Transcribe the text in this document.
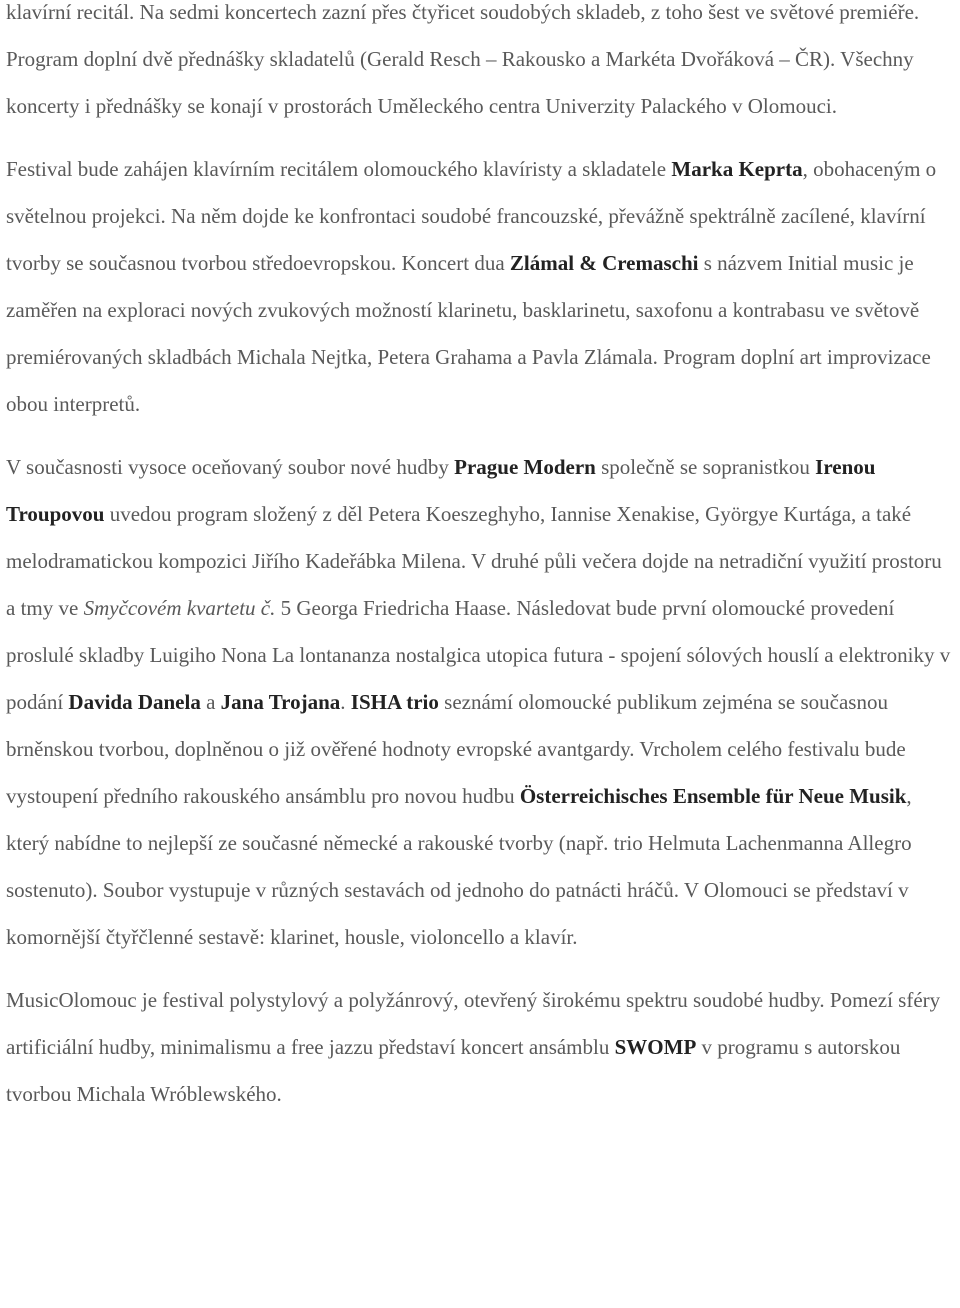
klavírní recitál. Na sedmi koncertech zazní přes čtyřicet soudobých skladeb, z toho šest ve světové premiéře. Program doplní dvě přednášky skladatelů (Gerald Resch – Rakousko a Markéta Dvořáková – ČR). Všechny koncerty i přednášky se konají v prostorách Uměleckého centra Univerzity Palackého v Olomouci.

Festival bude zahájen klavírním recitálem olomouckého klavíristy a skladatele Marka Keprta, obohaceným o světelnou projekci. Na něm dojde ke konfrontaci soudobé francouzské, převážně spektrálně zacílené, klavírní tvorby se současnou tvorbou středoevropskou. Koncert dua Zlámal & Cremaschi s názvem Initial music je zaměřen na exploraci nových zvukových možností klarinetu, basklarinetu, saxofonu a kontrabasu ve světově premiérovaných skladbách Michala Nejtka, Petera Grahama a Pavla Zlámala. Program doplní art improvizace obou interpretů.

V současnosti vysoce oceňovaný soubor nové hudby Prague Modern společně se sopranistkou Irenou Troupovou uvedou program složený z děl Petera Koeszeghyho, Iannise Xenakise, Györgye Kurtága, a také melodramatickou kompozici Jiřího Kadeřábka Milena. V druhé půli večera dojde na netradiční využití prostoru a tmy ve Smyčcovém kvartetu č. 5 Georga Friedricha Haase. Následovat bude první olomoucké provedení proslulé skladby Luigiho Nona La lontananza nostalgica utopica futura - spojení sólových houslí a elektroniky v podání Davida Danela a Jana Trojana. ISHA trio seznámí olomoucké publikum zejména se současnou brněnskou tvorbou, doplněnou o již ověřené hodnoty evropské avantgardy. Vrcholem celého festivalu bude vystoupení předního rakouského ansámblu pro novou hudbu Österreichisches Ensemble für Neue Musik, který nabídne to nejlepší ze současné německé a rakouské tvorby (např. trio Helmuta Lachenmanna Allegro sostenuto). Soubor vystupuje v různých sestavách od jednoho do patnácti hráčů. V Olomouci se představí v komornější čtyřčlenné sestavě: klarinet, housle, violoncello a klavír.

MusicOlomouc je festival polystylový a polyžánrový, otevřený širokému spektru soudobé hudby. Pomezí sféry artificiální hudby, minimalismu a free jazzu představí koncert ansámblu SWOMP v programu s autorskou tvorbou Michala Wróblewského.
